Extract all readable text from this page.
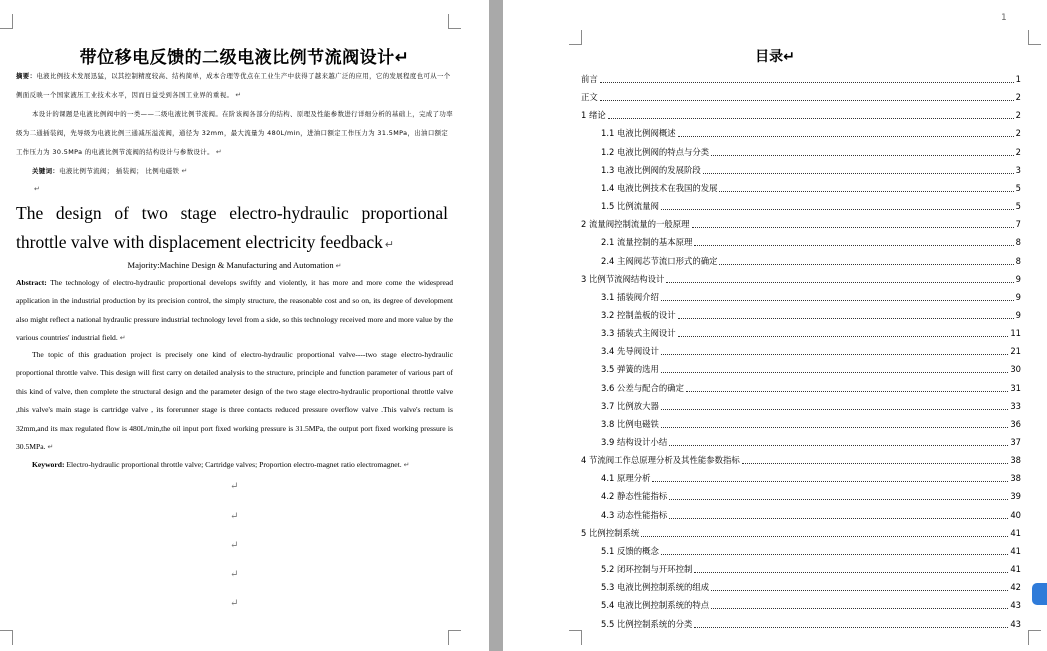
带位移电反馈的二级电液比例节流阀设计↵
摘要：电液比例技术发展迅猛，以其控制精度较高、结构简单，成本合理等优点在工业生产中获得了越来越广泛的应用，它的发展程度也可从一个侧面反映一个国家液压工业技术水平，因而日益受到各国工业界的重视。 ↵
本设计的课题是电液比例阀中的一类——二级电液比例节流阀。在阶该阀各部分的结构、原理及性能参数进行详细分析的基础上，完成了功率级为二通插装阀，先导级为电液比例三通减压溢流阀，通径为 32mm，最大流量为 480L/min，进油口额定工作压力为 31.5MPa，出油口额定工作压力为 30.5MPa 的电液比例节流阀的结构设计与参数设计。 ↵
关键词：电液比例节流阀； 插装阀； 比例电磁铁 ↵
↵
The design of two stage electro-hydraulic proportional
throttle valve with displacement electricity feedback ↵
Majority:Machine Design & Manufacturing and Automation ↵
Abstract: The technology of electro-hydraulic proportional develops swiftly and violently, it has more and more come the widespread application in the industrial production by its precision control, the simply structure, the reasonable cost and so on, its degree of development also might reflect a national hydraulic pressure industrial technology level from a side, so this technology received more and more value by the various countries' industrial field. ↵
The topic of this graduation project is precisely one kind of electro-hydraulic proportional valve----two stage electro-hydraulic proportional throttle valve. This design will first carry on detailed analysis to the structure, principle and function parameter of various part of this kind of valve, then complete the structural design and the parameter design of the two stage electro-hydraulic proportional throttle valve ,this valve's main stage is cartridge valve , its forerunner stage is three contacts reduced pressure overflow valve .This valve's rectum is 32mm,and its max regulated flow is 480L/min,the oil input port fixed working pressure is 31.5MPa, the output port fixed working pressure is 30.5MPa. ↵
Keyword: Electro-hydraulic proportional throttle valve; Cartridge valves; Proportion electro-magnet ratio electromagnet. ↵
↵
↵
↵
↵
↵
1
目录↵
前言	1
正文	2
1 绪论	2
1.1 电液比例阀概述	2
1.2 电液比例阀的特点与分类	2
1.3 电液比例阀的发展阶段	3
1.4 电液比例技术在我国的发展	5
1.5 比例流量阀	5
2 流量阀控制流量的一般原理	7
2.1 流量控制的基本原理	8
2.4 主阀阀芯节流口形式的确定	8
3 比例节流阀结构设计	9
3.1 插装阀介绍	9
3.2 控制盖板的设计	9
3.3 插装式主阀设计	11
3.4 先导阀设计	21
3.5 弹簧的选用	30
3.6 公差与配合的确定	31
3.7 比例放大器	33
3.8 比例电磁铁	36
3.9 结构设计小结	37
4 节流阀工作总原理分析及其性能参数指标	38
4.1 原理分析	38
4.2 静态性能指标	39
4.3 动态性能指标	40
5 比例控制系统	41
5.1 反馈的概念	41
5.2 闭环控制与开环控制	41
5.3 电液比例控制系统的组成	42
5.4 电液比例控制系统的特点	43
5.5 比例控制系统的分类	43
